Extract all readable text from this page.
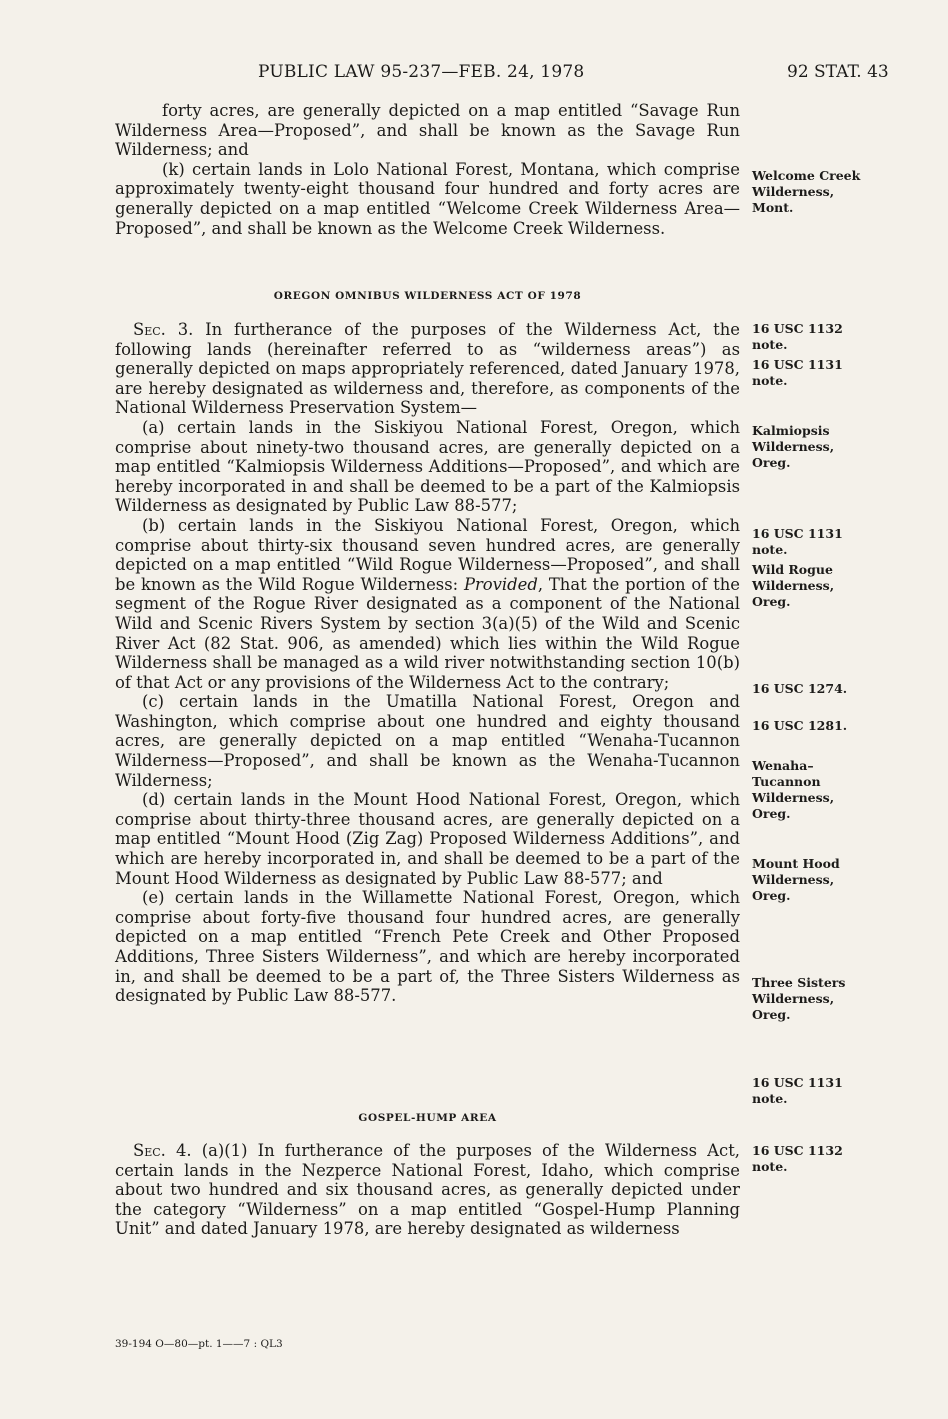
PUBLIC LAW 95-237—FEB. 24, 1978	92 STAT. 43

forty acres, are generally depicted on a map entitled “Savage Run Wilderness Area—Proposed”, and shall be known as the Savage Run Wilderness; and

(k) certain lands in Lolo National Forest, Montana, which comprise approximately twenty-eight thousand four hundred and forty acres are generally depicted on a map entitled “Welcome Creek Wilderness Area—Proposed”, and shall be known as the Welcome Creek Wilderness.

OREGON OMNIBUS WILDERNESS ACT OF 1978

Sec. 3. In furtherance of the purposes of the Wilderness Act, the following lands (hereinafter referred to as “wilderness areas”) as generally depicted on maps appropriately referenced, dated January 1978, are hereby designated as wilderness and, therefore, as components of the National Wilderness Preservation System—

(a) certain lands in the Siskiyou National Forest, Oregon, which comprise about ninety-two thousand acres, are generally depicted on a map entitled “Kalmiopsis Wilderness Additions—Proposed”, and which are hereby incorporated in and shall be deemed to be a part of the Kalmiopsis Wilderness as designated by Public Law 88-577;

(b) certain lands in the Siskiyou National Forest, Oregon, which comprise about thirty-six thousand seven hundred acres, are generally depicted on a map entitled “Wild Rogue Wilderness—Proposed”, and shall be known as the Wild Rogue Wilderness: Provided, That the portion of the segment of the Rogue River designated as a component of the National Wild and Scenic Rivers System by section 3(a)(5) of the Wild and Scenic River Act (82 Stat. 906, as amended) which lies within the Wild Rogue Wilderness shall be managed as a wild river notwithstanding section 10(b) of that Act or any provisions of the Wilderness Act to the contrary;

(c) certain lands in the Umatilla National Forest, Oregon and Washington, which comprise about one hundred and eighty thousand acres, are generally depicted on a map entitled “Wenaha-Tucannon Wilderness—Proposed”, and shall be known as the Wenaha-Tucannon Wilderness;

(d) certain lands in the Mount Hood National Forest, Oregon, which comprise about thirty-three thousand acres, are generally depicted on a map entitled “Mount Hood (Zig Zag) Proposed Wilderness Additions”, and which are hereby incorporated in, and shall be deemed to be a part of the Mount Hood Wilderness as designated by Public Law 88-577; and

(e) certain lands in the Willamette National Forest, Oregon, which comprise about forty-five thousand four hundred acres, are generally depicted on a map entitled “French Pete Creek and Other Proposed Additions, Three Sisters Wilderness”, and which are hereby incorporated in, and shall be deemed to be a part of, the Three Sisters Wilderness as designated by Public Law 88-577.

GOSPEL-HUMP AREA

Sec. 4. (a)(1) In furtherance of the purposes of the Wilderness Act, certain lands in the Nezperce National Forest, Idaho, which comprise about two hundred and six thousand acres, as generally depicted under the category “Wilderness” on a map entitled “Gospel-Hump Planning Unit” and dated January 1978, are hereby designated as wilderness

Welcome Creek
Wilderness,
Mont.
16 USC 1132
note.
16 USC 1131
note.
Kalmiopsis
Wilderness,
Oreg.
16 USC 1131
note.
Wild Rogue
Wilderness,
Oreg.
16 USC 1274.
16 USC 1281.
Wenaha–
Tucannon
Wilderness,
Oreg.
Mount Hood
Wilderness,
Oreg.
Three Sisters
Wilderness,
Oreg.
16 USC 1131
note.
16 USC 1132
note.
39-194 O—80—pt. 1——7 : QL3
